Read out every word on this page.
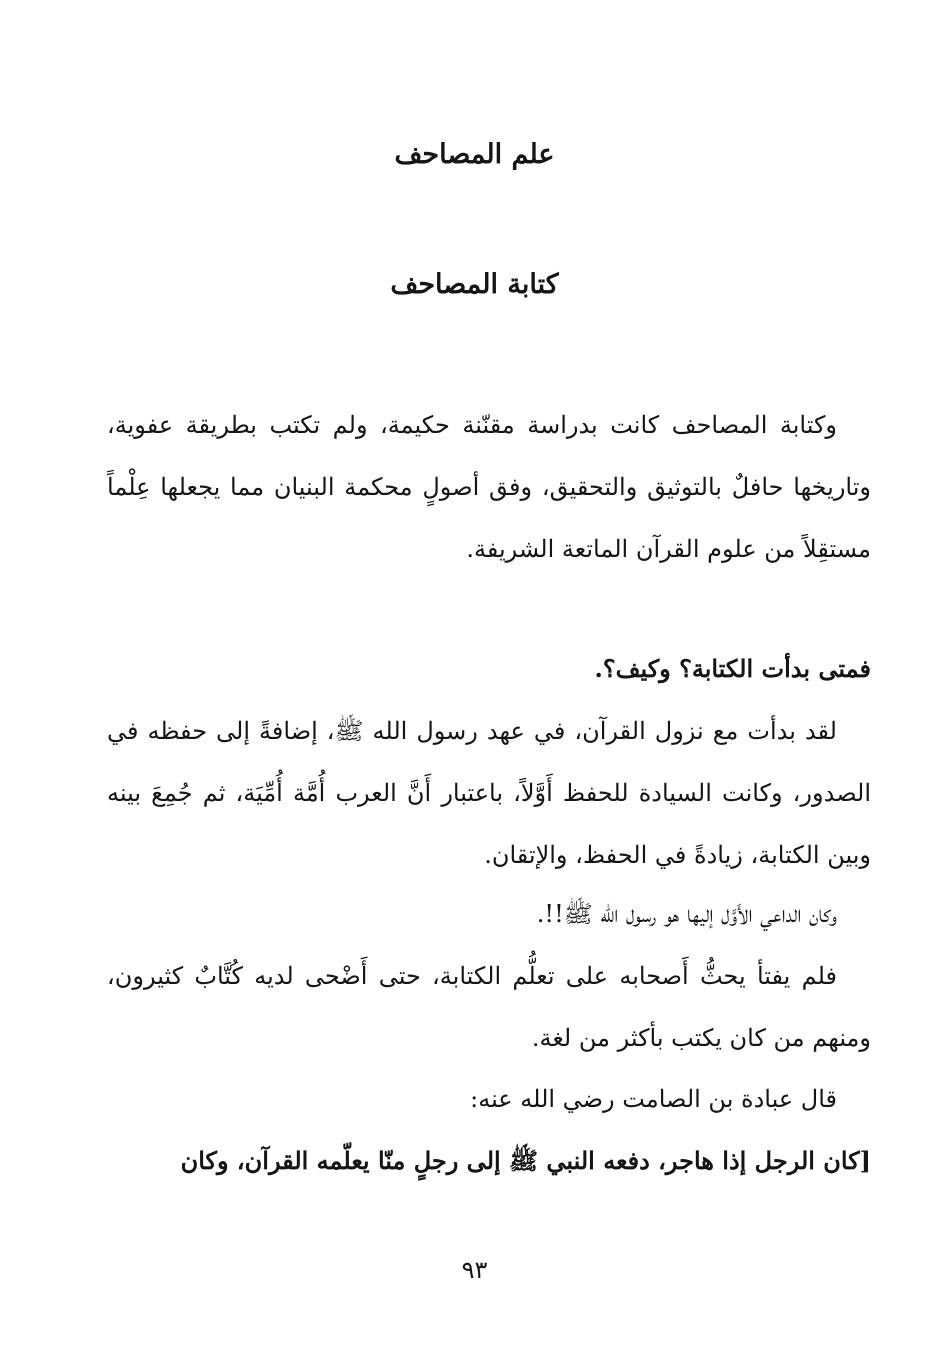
علم المصاحف
كتابة المصاحف

وكتابة المصاحف كانت بدراسة مقنّنة حكيمة، ولم تكتب بطريقة عفوية، وتاريخها حافلٌ بالتوثيق والتحقيق، وفق أصولٍ محكمة البنيان مما يجعلها عِلْماً مستقِلاً من علوم القرآن الماتعة الشريفة.

فمتى بدأت الكتابة؟ وكيف؟.

لقد بدأت مع نزول القرآن، في عهد رسول الله ﷺ، إضافةً إلى حفظه في الصدور، وكانت السيادة للحفظ أَوَّلاً، باعتبار أَنَّ العرب أُمَّة أُمِّيَة، ثم جُمِعَ بينه وبين الكتابة، زيادةً في الحفظ، والإتقان.

وكان الداعي الأَوَّل إليها هو رسول الله ﷺ!!.

فلم يفتأ يحثُّ أَصحابه على تعلُّم الكتابة، حتى أَضْحى لديه كُتَّابٌ كثيرون، ومنهم من كان يكتب بأكثر من لغة.

قال عبادة بن الصامت رضي الله عنه:

[كان الرجل إذا هاجر، دفعه النبي ﷺ إلى رجلٍ منّا يعلّمه القرآن، وكان

٩٣
